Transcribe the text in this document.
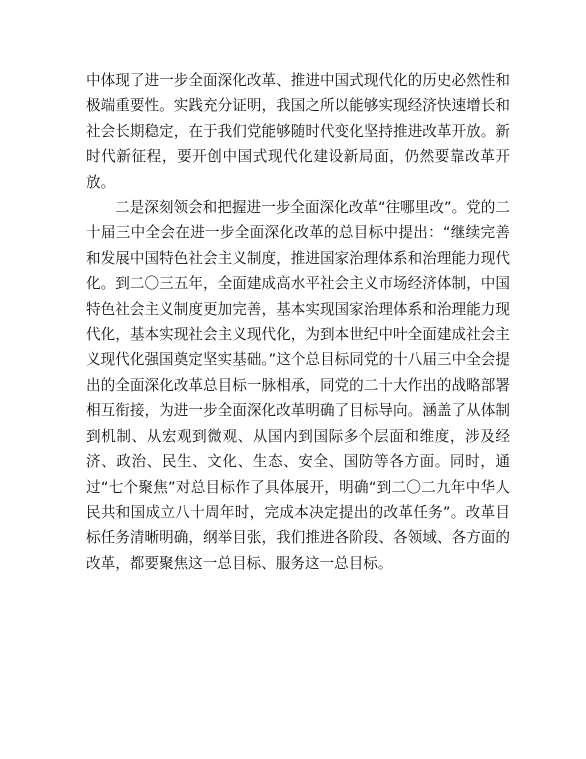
中体现了进一步全面深化改革、推进中国式现代化的历史必然性和极端重要性。实践充分证明，我国之所以能够实现经济快速增长和社会长期稳定，在于我们党能够随时代变化坚持推进改革开放。新时代新征程，要开创中国式现代化建设新局面，仍然要靠改革开放。

二是深刻领会和把握进一步全面深化改革“往哪里改”。党的二十届三中全会在进一步全面深化改革的总目标中提出：“继续完善和发展中国特色社会主义制度，推进国家治理体系和治理能力现代化。到二〇三五年，全面建成高水平社会主义市场经济体制，中国特色社会主义制度更加完善，基本实现国家治理体系和治理能力现代化，基本实现社会主义现代化，为到本世纪中叶全面建成社会主义现代化强国奠定坚实基础。”这个总目标同党的十八届三中全会提出的全面深化改革总目标一脉相承，同党的二十大作出的战略部署相互衔接，为进一步全面深化改革明确了目标导向。涵盖了从体制到机制、从宏观到微观、从国内到国际多个层面和维度，涉及经济、政治、民生、文化、生态、安全、国防等各方面。同时，通过“七个聚焦”对总目标作了具体展开，明确“到二〇二九年中华人民共和国成立八十周年时，完成本决定提出的改革任务”。改革目标任务清晰明确，纲举目张，我们推进各阶段、各领域、各方面的改革，都要聚焦这一总目标、服务这一总目标。
